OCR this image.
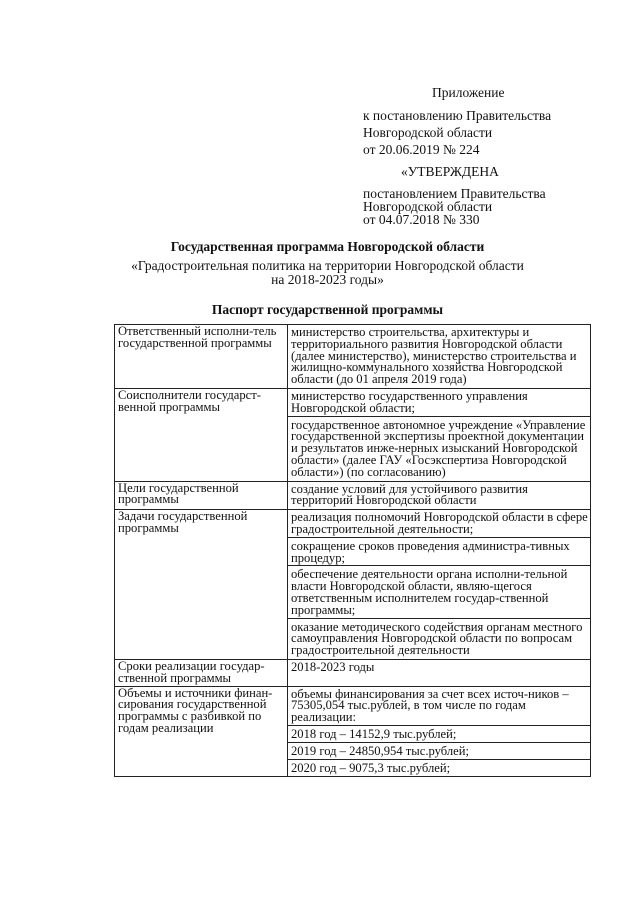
Приложение
к постановлению Правительства
Новгородской области
от 20.06.2019 № 224
«УТВЕРЖДЕНА
постановлением Правительства
Новгородской области
от 04.07.2018 № 330
Государственная программа Новгородской области
«Градостроительная политика на территории Новгородской области
на 2018-2023 годы»
Паспорт государственной программы
Ответственный исполни-тель государственной программы	министерство строительства, архитектуры и территориального развития Новгородской области (далее министерство), министерство строительства и жилищно-коммунального хозяйства Новгородской области (до 01 апреля 2019 года)

Соисполнители государст-венной программы	министерство государственного управления Новгородской области;
государственное автономное учреждение «Управление государственной экспертизы проектной документации и результатов инже-нерных изысканий Новгородской области» (далее ГАУ «Госэкспертиза Новгородской области») (по согласованию)

Цели государственной программы	создание условий для устойчивого развития территорий Новгородской области

Задачи государственной программы	реализация полномочий Новгородской области в сфере градостроительной деятельности;
сокращение сроков проведения администра-тивных процедур;
обеспечение деятельности органа исполни-тельной власти Новгородской области, являю-щегося ответственным исполнителем государ-ственной программы;
оказание методического содействия органам местного самоуправления Новгородской области по вопросам градостроительной деятельности

Сроки реализации государ-ственной программы	2018-2023 годы

Объемы и источники финан-сирования государственной программы с разбивкой по годам реализации	объемы финансирования за счет всех источ-ников – 75305,054 тыс.рублей, в том числе по годам реализации:
2018 год – 14152,9 тыс.рублей;
2019 год – 24850,954 тыс.рублей;
2020 год – 9075,3 тыс.рублей;
